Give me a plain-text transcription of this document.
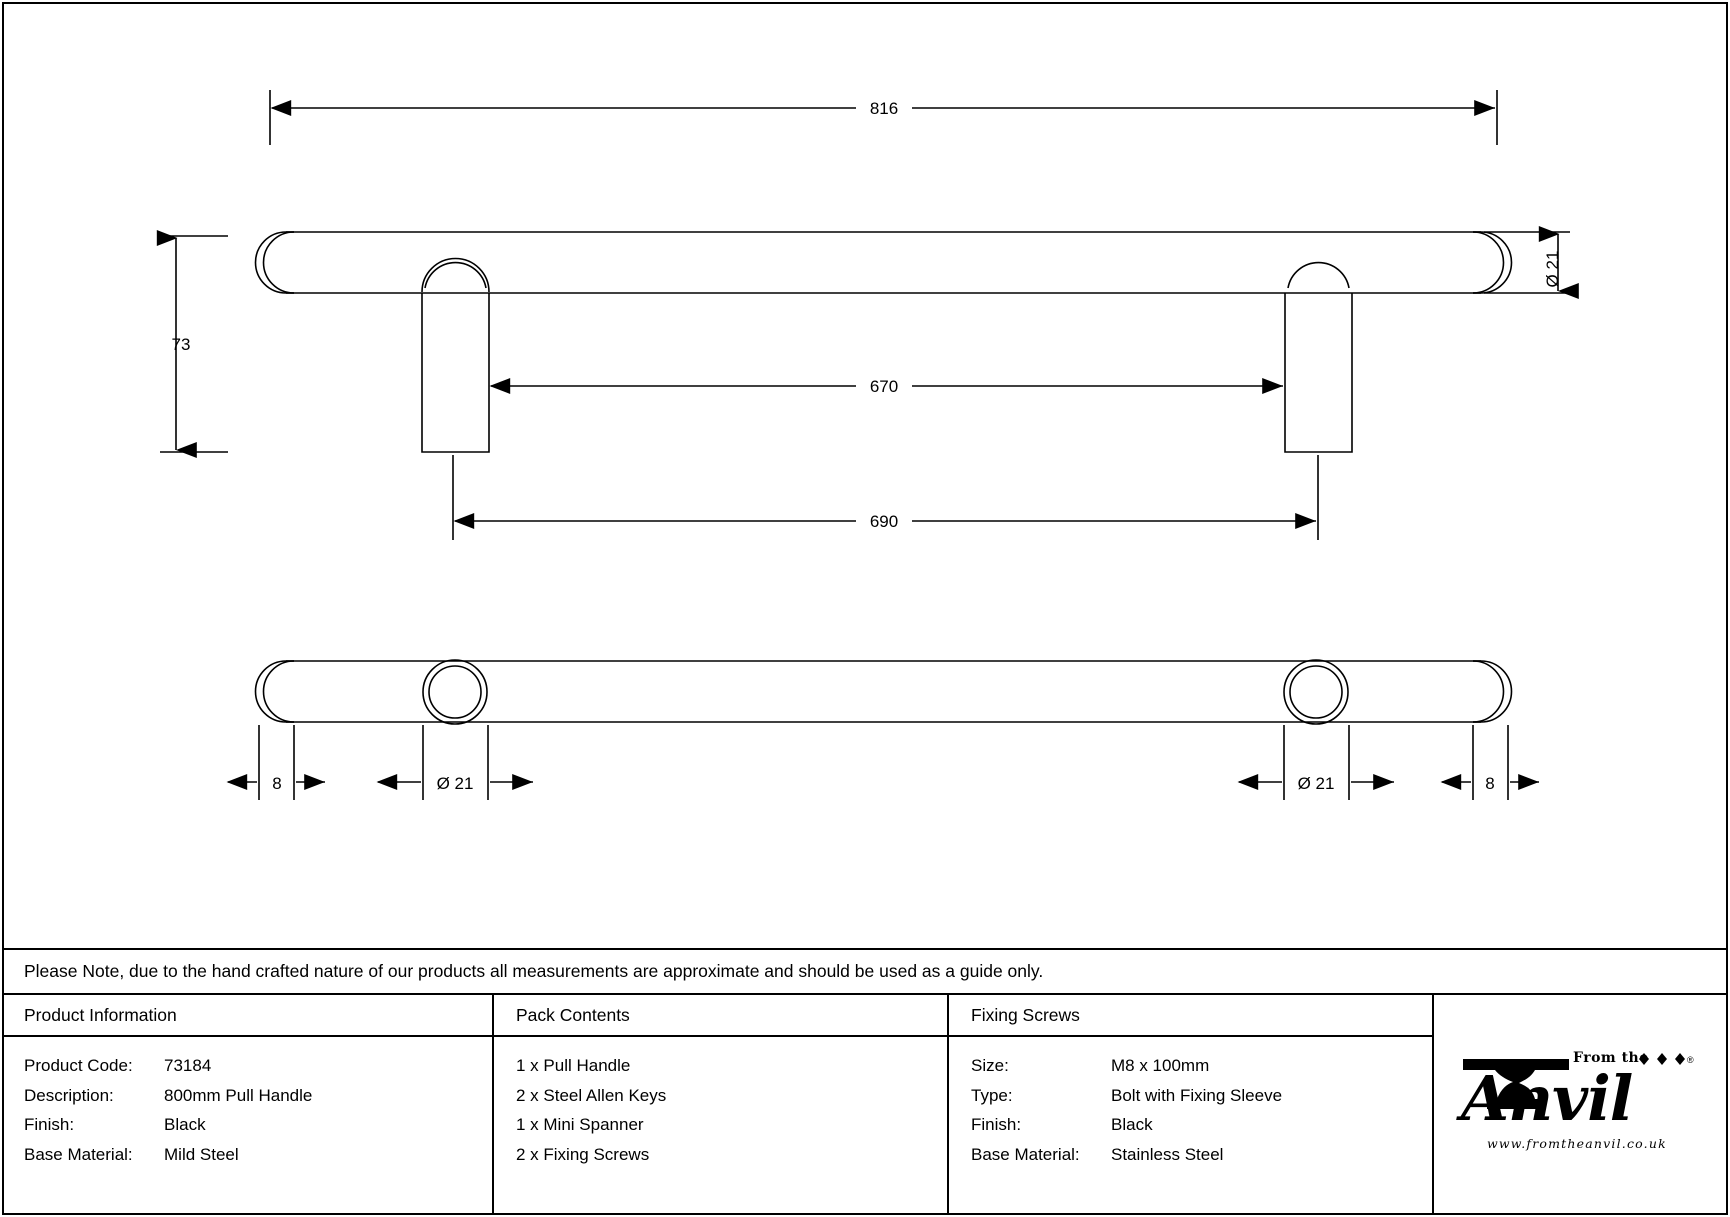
816
73
Ø 21
670
690
8	Ø 21	Ø 21	8
Please Note, due to the hand crafted nature of our products all measurements are approximate and should be used as a guide only.
Product Information
Product Code:	73184
Description:	800mm Pull Handle
Finish:	Black
Base Material:	Mild Steel
Pack Contents
1 x Pull Handle
2 x Steel Allen Keys
1 x Mini Spanner
2 x Fixing Screws
Fixing Screws
Size:	M8 x 100mm
Type:	Bolt with Fixing Sleeve
Finish:	Black
Base Material:	Stainless Steel
From the
Anvil
®
www.fromtheanvil.co.uk
